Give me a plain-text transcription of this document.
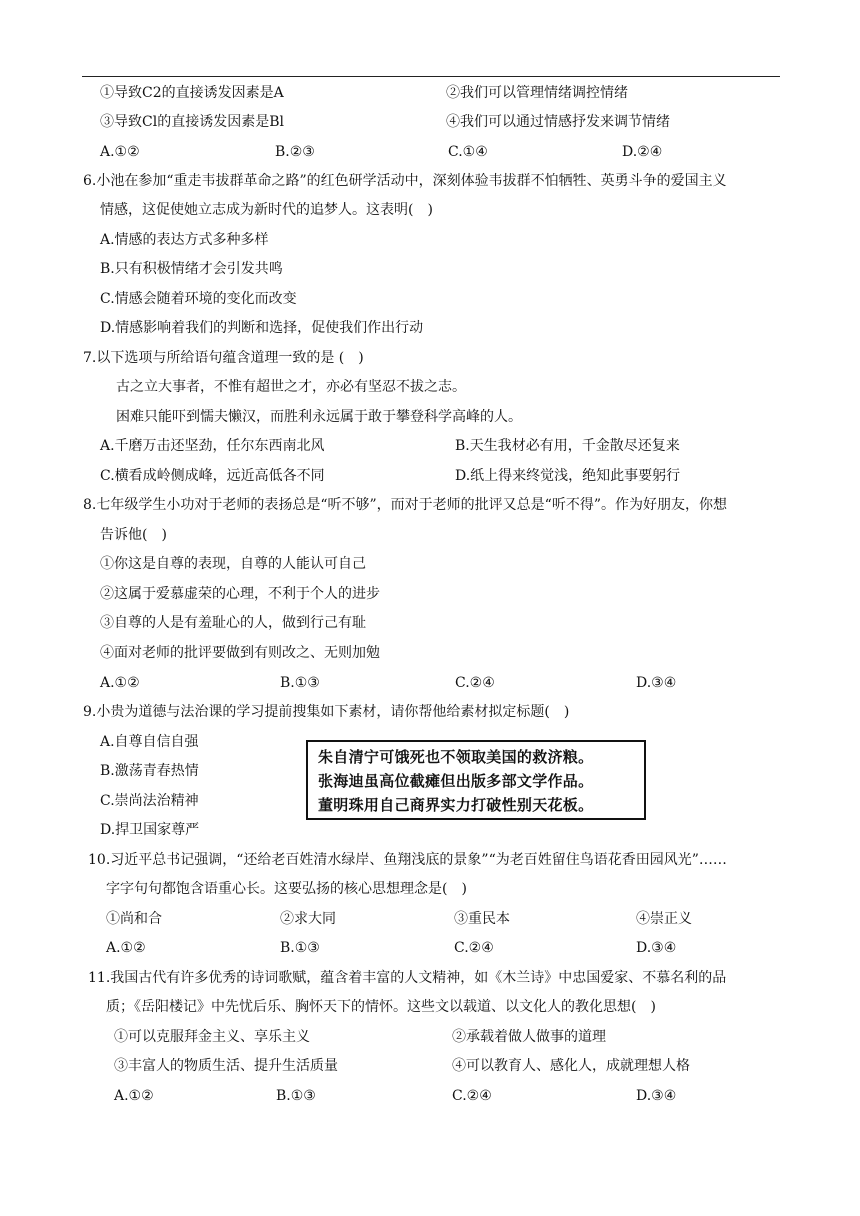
①导致C2的直接诱发因素是A	②我们可以管理情绪调控情绪
③导致Cl的直接诱发因素是Bl	④我们可以通过情感抒发来调节情绪
A.①②	B.②③	C.①④	D.②④
6.小池在参加“重走韦拔群革命之路”的红色研学活动中，深刻体验韦拔群不怕牺牲、英勇斗争的爱国主义
情感，这促使她立志成为新时代的追梦人。这表明(　)
A.情感的表达方式多种多样
B.只有积极情绪才会引发共鸣
C.情感会随着环境的变化而改变
D.情感影响着我们的判断和选择，促使我们作出行动
7.以下选项与所给语句蕴含道理一致的是 (　)
古之立大事者，不惟有超世之才，亦必有坚忍不拔之志。
困难只能吓到懦夫懒汉，而胜利永远属于敢于攀登科学高峰的人。
A.千磨万击还坚劲，任尔东西南北风	B.天生我材必有用，千金散尽还复来
C.横看成岭侧成峰，远近高低各不同	D.纸上得来终觉浅，绝知此事要躬行
8.七年级学生小功对于老师的表扬总是“听不够”，而对于老师的批评又总是“听不得”。作为好朋友，你想
告诉他(　)
①你这是自尊的表现，自尊的人能认可自己
②这属于爱慕虚荣的心理，不利于个人的进步
③自尊的人是有羞耻心的人，做到行己有耻
④面对老师的批评要做到有则改之、无则加勉
A.①②	B.①③	C.②④	D.③④
9.小贵为道德与法治课的学习提前搜集如下素材，请你帮他给素材拟定标题(　)
A.自尊自信自强
B.激荡青春热情
C.崇尚法治精神
D.捍卫国家尊严
朱自清宁可饿死也不领取美国的救济粮。
张海迪虽高位截瘫但出版多部文学作品。
董明珠用自己商界实力打破性别天花板。
10.习近平总书记强调，“还给老百姓清水绿岸、鱼翔浅底的景象”“为老百姓留住鸟语花香田园风光”……
字字句句都饱含语重心长。这要弘扬的核心思想理念是(　)
①尚和合	②求大同	③重民本	④崇正义
A.①②	B.①③	C.②④	D.③④
11.我国古代有许多优秀的诗词歌赋，蕴含着丰富的人文精神，如《木兰诗》中忠国爱家、不慕名利的品
质；《岳阳楼记》中先忧后乐、胸怀天下的情怀。这些文以载道、以文化人的教化思想(　)
①可以克服拜金主义、享乐主义	②承载着做人做事的道理
③丰富人的物质生活、提升生活质量	④可以教育人、感化人，成就理想人格
A.①②	B.①③	C.②④	D.③④
